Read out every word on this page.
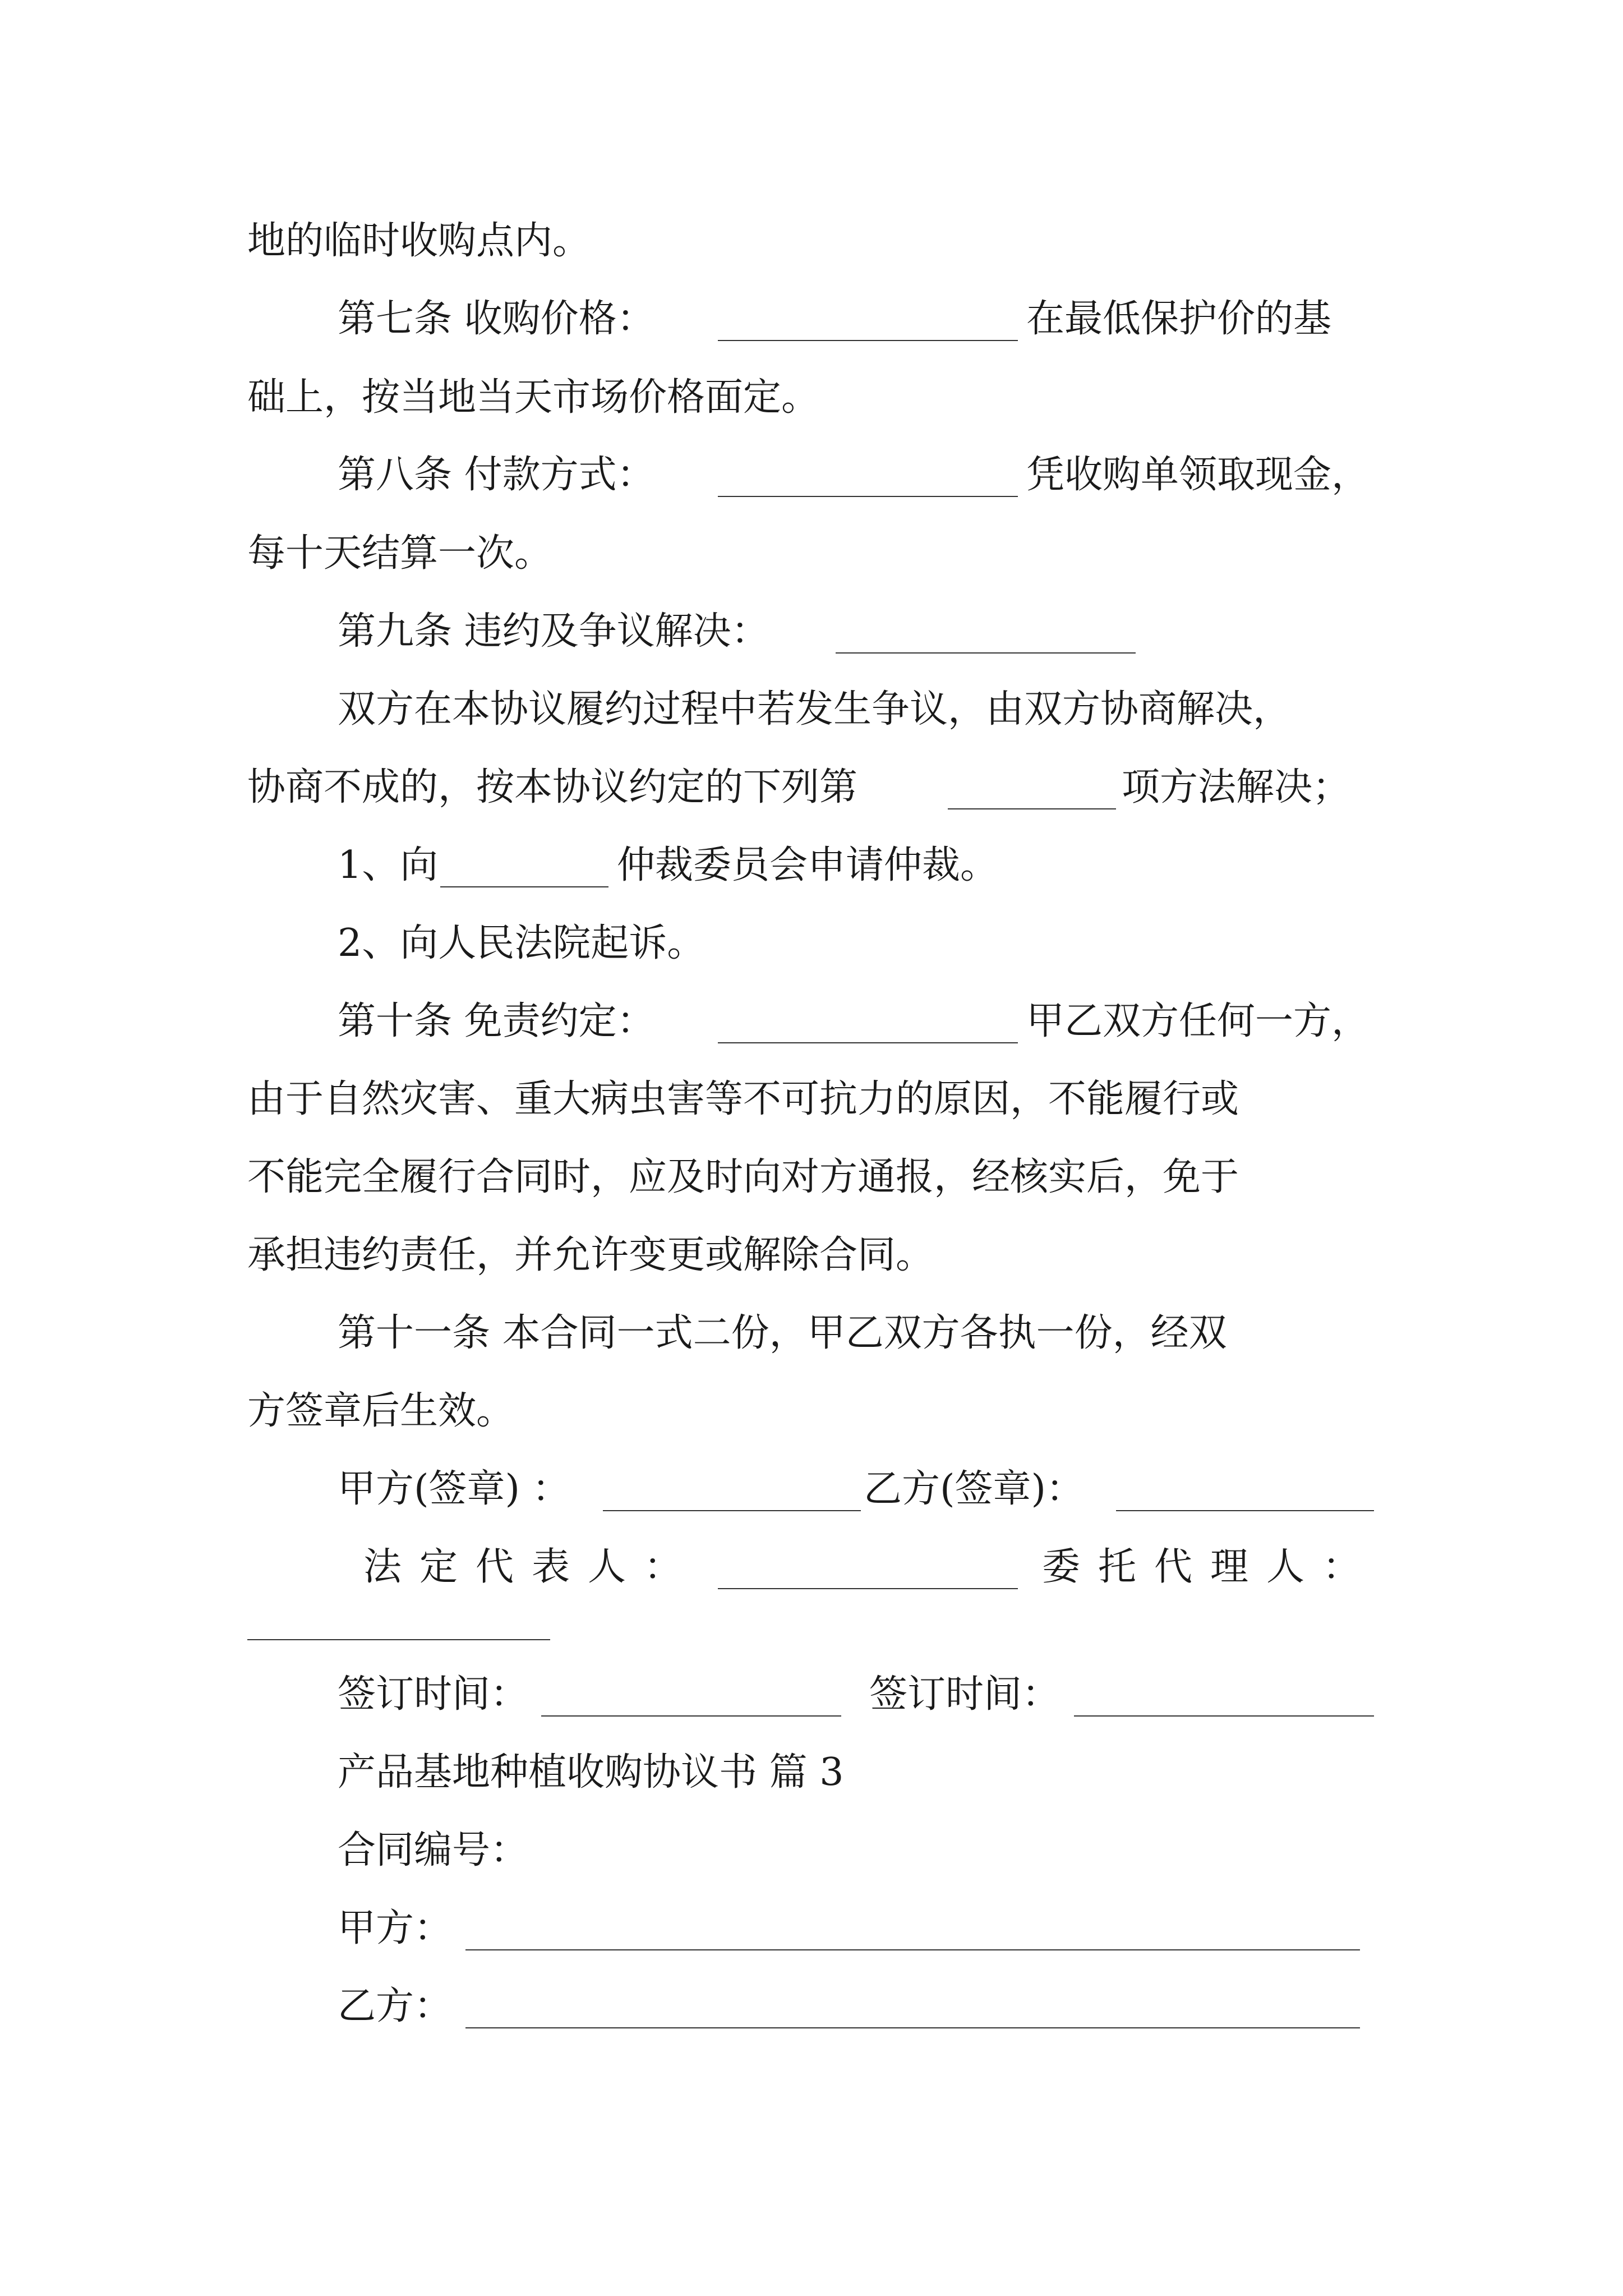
地的临时收购点内。
第七条 收购价格：	在最低保护价的基
础上，按当地当天市场价格面定。
第八条 付款方式：	凭收购单领取现金，
每十天结算一次。
第九条 违约及争议解决：
双方在本协议履约过程中若发生争议，由双方协商解决，
协商不成的，按本协议约定的下列第	项方法解决；
1、向	仲裁委员会申请仲裁。
2、向人民法院起诉。
第十条 免责约定：	甲乙双方任何一方，
由于自然灾害、重大病虫害等不可抗力的原因，不能履行或
不能完全履行合同时，应及时向对方通报，经核实后，免于
承担违约责任，并允许变更或解除合同。
第十一条 本合同一式二份，甲乙双方各执一份，经双
方签章后生效。
甲方(签章) ：	乙方(签章)：
法定代表人：	委托代理人：
签订时间：	签订时间：
产品基地种植收购协议书 篇 3
合同编号：
甲方：
乙方：
